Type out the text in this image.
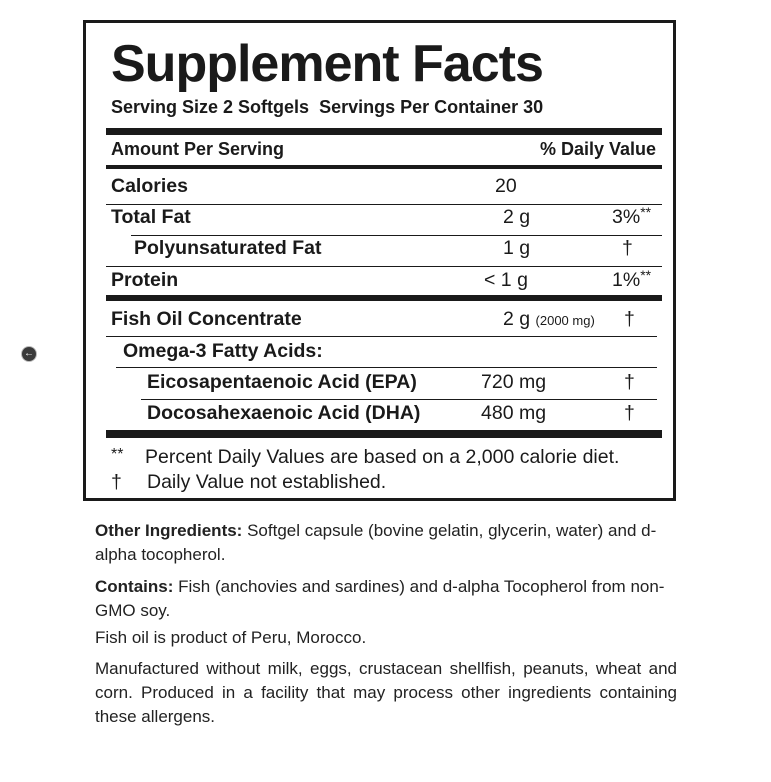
←
Supplement Facts
Serving Size 2 Softgels Servings Per Container 30
Amount Per Serving	% Daily Value
Calories	20
Total Fat	2 g	3%**
Polyunsaturated Fat	1 g	†
Protein	< 1 g	1%**
Fish Oil Concentrate	2 g (2000 mg) †
Omega-3 Fatty Acids:
Eicosapentaenoic Acid (EPA)	720 mg	†
Docosahexaenoic Acid (DHA)	480 mg	†
** Percent Daily Values are based on a 2,000 calorie diet.
† Daily Value not established.
Other Ingredients: Softgel capsule (bovine gelatin, glycerin, water) and d-alpha tocopherol.
Contains: Fish (anchovies and sardines) and d-alpha Tocopherol from non-GMO soy.
Fish oil is product of Peru, Morocco.
Manufactured without milk, eggs, crustacean shellfish, peanuts, wheat and corn. Produced in a facility that may process other ingredients containing these allergens.
